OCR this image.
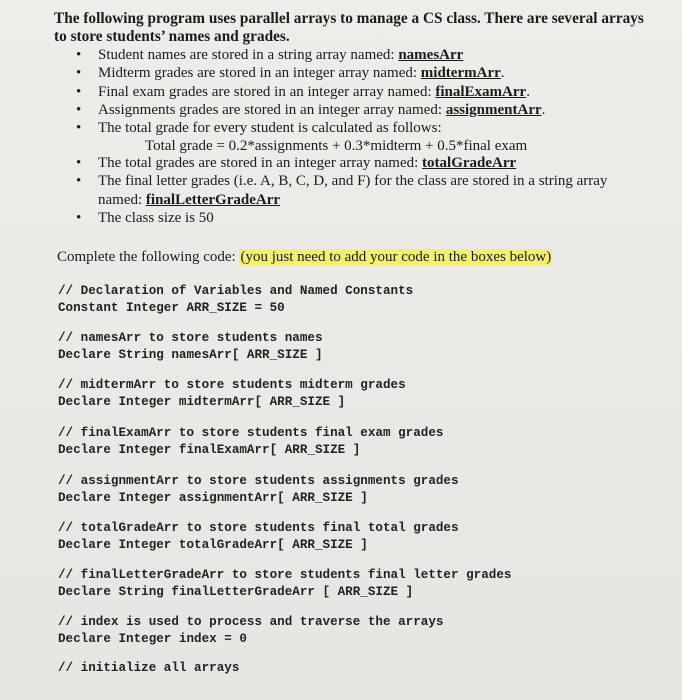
The following program uses parallel arrays to manage a CS class. There are several arrays to store students’ names and grades.
• Student names are stored in a string array named: namesArr
• Midterm grades are stored in an integer array named: midtermArr.
• Final exam grades are stored in an integer array named: finalExamArr.
• Assignments grades are stored in an integer array named: assignmentArr.
• The total grade for every student is calculated as follows:
Total grade = 0.2*assignments + 0.3*midterm + 0.5*final exam
• The total grades are stored in an integer array named: totalGradeArr
• The final letter grades (i.e. A, B, C, D, and F) for the class are stored in a string array named: finalLetterGradeArr
• The class size is 50
Complete the following code: (you just need to add your code in the boxes below)
// Declaration of Variables and Named Constants
Constant Integer ARR_SIZE = 50
// namesArr to store students names
Declare String namesArr[ ARR_SIZE ]
// midtermArr to store students midterm grades
Declare Integer midtermArr[ ARR_SIZE ]
// finalExamArr to store students final exam grades
Declare Integer finalExamArr[ ARR_SIZE ]
// assignmentArr to store students assignments grades
Declare Integer assignmentArr[ ARR_SIZE ]
// totalGradeArr to store students final total grades
Declare Integer totalGradeArr[ ARR_SIZE ]
// finalLetterGradeArr to store students final letter grades
Declare String finalLetterGradeArr [ ARR_SIZE ]
// index is used to process and traverse the arrays
Declare Integer index = 0
// initialize all arrays
